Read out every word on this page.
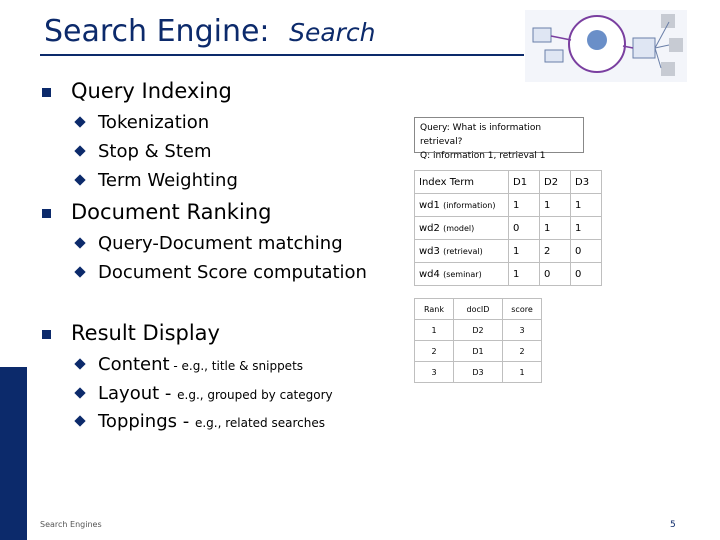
Search Engine: Search
Query Indexing
Tokenization
Stop & Stem
Term Weighting
Document Ranking
Query-Document matching
Document Score computation
Result Display
Content - e.g., title & snippets
Layout - e.g., grouped by category
Toppings - e.g., related searches
Query: What is information retrieval?
Q: information 1, retrieval 1
Index Term	D1	D2	D3
wd1 (information)	1	1	1
wd2 (model)	0	1	1
wd3 (retrieval)	1	2	0
wd4 (seminar)	1	0	0
Rank	docID	score
1	D2	3
2	D1	2
3	D3	1
Search Engines	5
